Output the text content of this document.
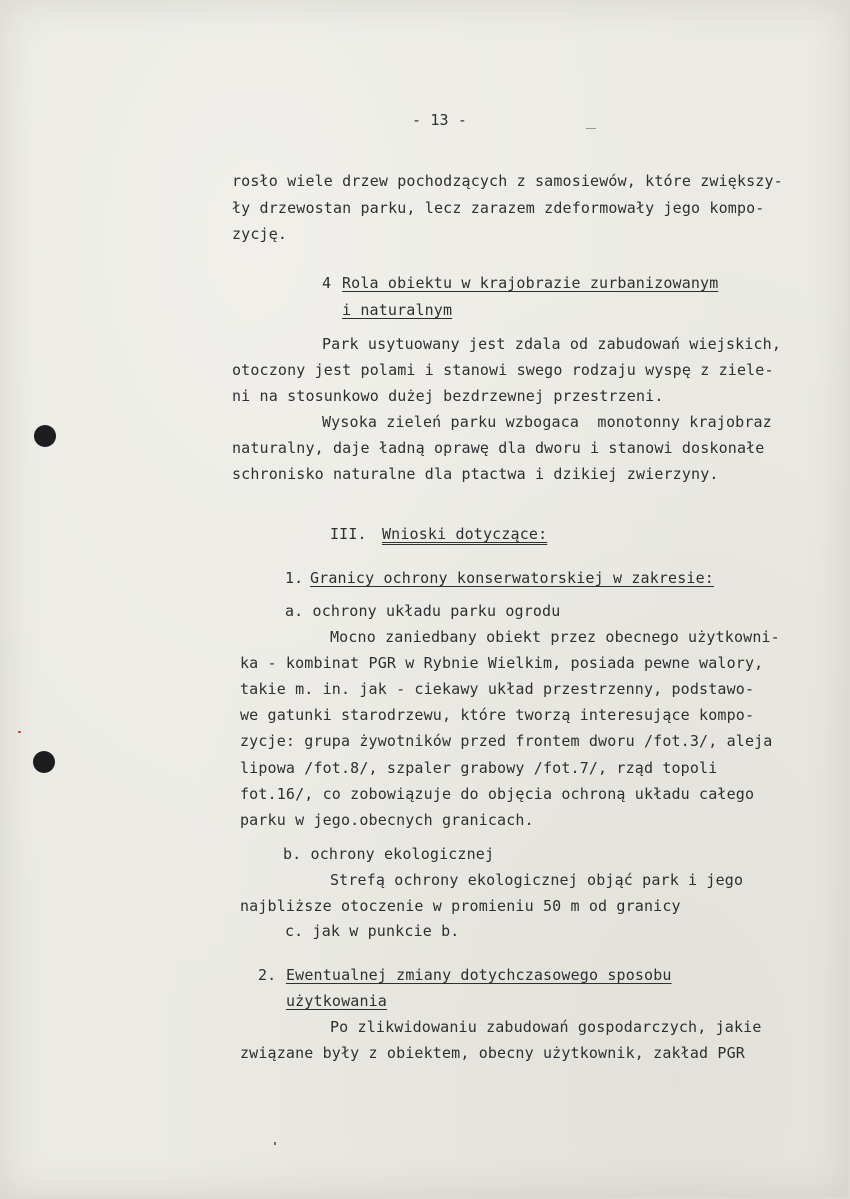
- 13 -
rosło wiele drzew pochodzących z samosiewów, które zwiększy-
ły drzewostan parku, lecz zarazem zdeformowały jego kompo-
zycję.
4 Rola obiektu w krajobrazie zurbanizowanym
i naturalnym
Park usytuowany jest zdala od zabudowań wiejskich,
otoczony jest polami i stanowi swego rodzaju wyspę z ziele-
ni na stosunkowo dużej bezdrzewnej przestrzeni.
Wysoka zieleń parku wzbogaca  monotonny krajobraz
naturalny, daje ładną oprawę dla dworu i stanowi doskonałe
schronisko naturalne dla ptactwa i dzikiej zwierzyny.
III. Wnioski dotyczące:
1. Granicy ochrony konserwatorskiej w zakresie:
a. ochrony układu parku ogrodu
Mocno zaniedbany obiekt przez obecnego użytkowni-
ka - kombinat PGR w Rybnie Wielkim, posiada pewne walory,
takie m. in. jak - ciekawy układ przestrzenny, podstawo-
we gatunki starodrzewu, które tworzą interesujące kompo-
zycje: grupa żywotników przed frontem dworu /fot.3/, aleja
lipowa /fot.8/, szpaler grabowy /fot.7/, rząd topoli
fot.16/, co zobowiązuje do objęcia ochroną układu całego
parku w jego.obecnych granicach.
b. ochrony ekologicznej
Strefą ochrony ekologicznej objąć park i jego
najbliższe otoczenie w promieniu 50 m od granicy
c. jak w punkcie b.
2. Ewentualnej zmiany dotychczasowego sposobu
użytkowania
Po zlikwidowaniu zabudowań gospodarczych, jakie
związane były z obiektem, obecny użytkownik, zakład PGR
